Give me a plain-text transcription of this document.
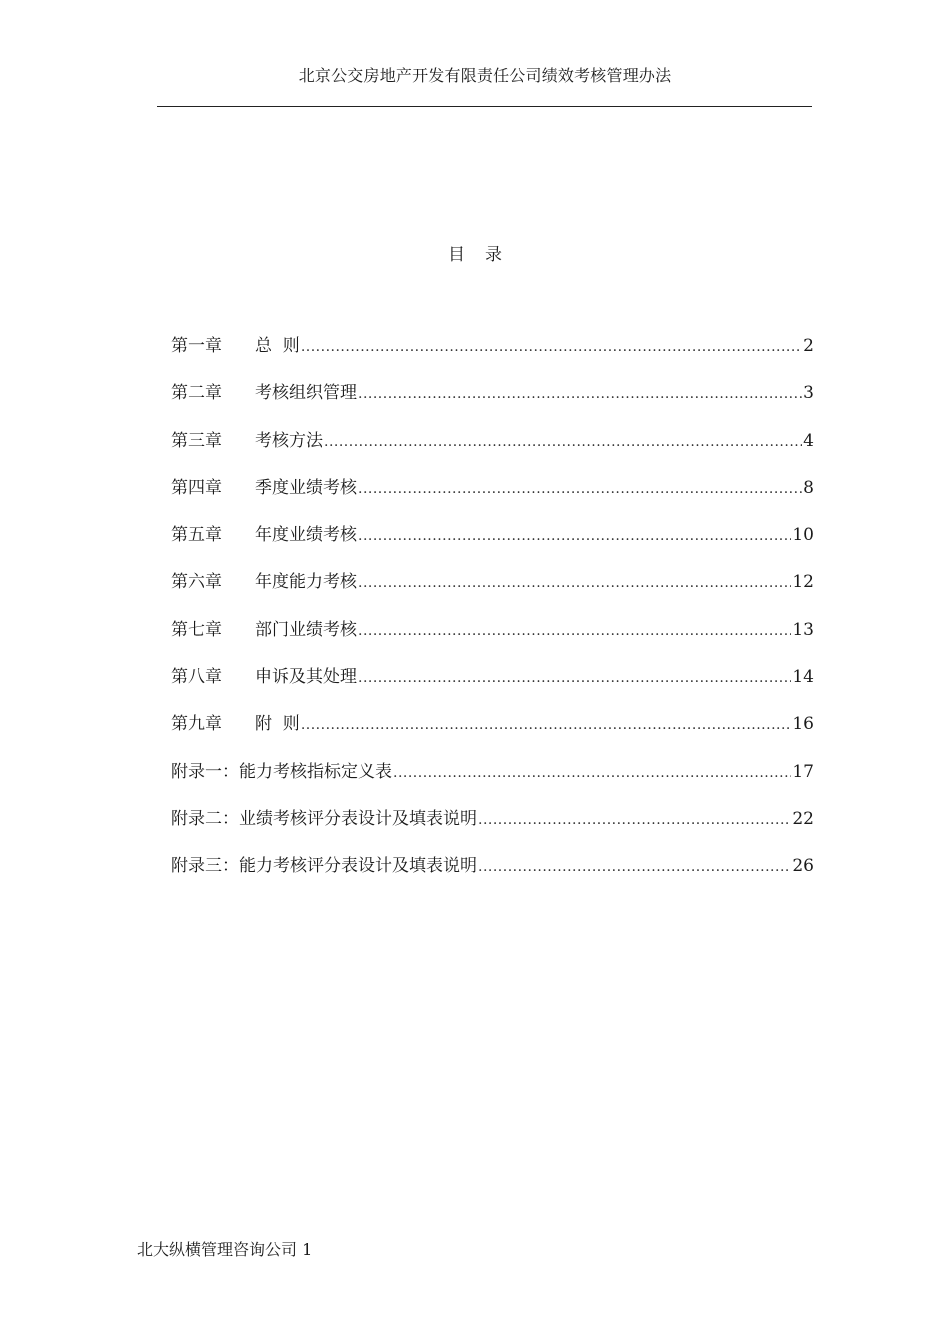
北京公交房地产开发有限责任公司绩效考核管理办法
目录
第一章 总  则 .....	2
第二章 考核组织管理 .....	3
第三章 考核方法 .....	4
第四章 季度业绩考核 .....	8
第五章 年度业绩考核 .....	10
第六章 年度能力考核 .....	12
第七章 部门业绩考核 .....	13
第八章 申诉及其处理 .....	14
第九章 附  则 .....	16
附录一：能力考核指标定义表 .....	17
附录二：业绩考核评分表设计及填表说明 .....	22
附录三：能力考核评分表设计及填表说明 .....	26
北大纵横管理咨询公司 1
